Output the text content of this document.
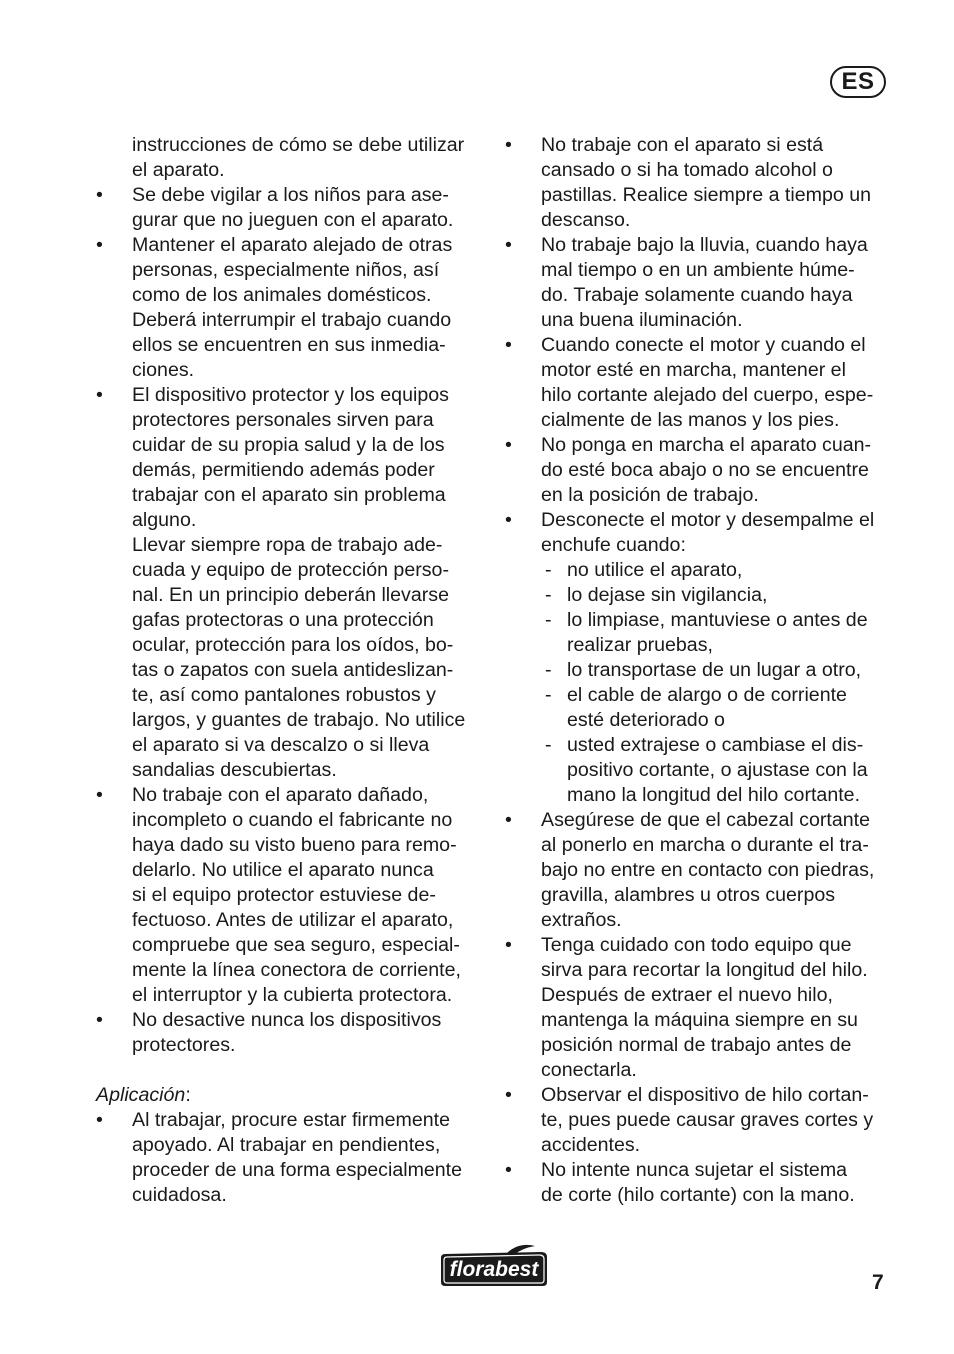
ES
instrucciones de cómo se debe utilizar
el aparato.
•	Se debe vigilar a los niños para ase-
gurar que no jueguen con el aparato.
•	Mantener el aparato alejado de otras
personas, especialmente niños, así
como de los animales domésticos.
Deberá interrumpir el trabajo cuando
ellos se encuentren en sus inmedia-
ciones.
•	El dispositivo protector y los equipos
protectores personales sirven para
cuidar de su propia salud y la de los
demás, permitiendo además poder
trabajar con el aparato sin problema
alguno.
Llevar siempre ropa de trabajo ade-
cuada y equipo de protección perso-
nal. En un principio deberán llevarse
gafas protectoras o una protección
ocular, protección para los oídos, bo-
tas o zapatos con suela antideslizan-
te, así como pantalones robustos y
largos, y guantes de trabajo. No utilice
el aparato si va descalzo o si lleva
sandalias descubiertas.
•	No trabaje con el aparato dañado,
incompleto o cuando el fabricante no
haya dado su visto bueno para remo-
delarlo. No utilice el aparato nunca
si el equipo protector estuviese de-
fectuoso. Antes de utilizar el aparato,
compruebe que sea seguro, especial-
mente la línea conectora de corriente,
el interruptor y la cubierta protectora.
•	No desactive nunca los dispositivos
protectores.
Aplicación:
•	Al trabajar, procure estar firmemente
apoyado. Al trabajar en pendientes,
proceder de una forma especialmente
cuidadosa.
•	No trabaje con el aparato si está
cansado o si ha tomado alcohol o
pastillas. Realice siempre a tiempo un
descanso.
•	No trabaje bajo la lluvia, cuando haya
mal tiempo o en un ambiente húme-
do. Trabaje solamente cuando haya
una buena iluminación.
•	Cuando conecte el motor y cuando el
motor esté en marcha, mantener el
hilo cortante alejado del cuerpo, espe-
cialmente de las manos y los pies.
•	No ponga en marcha el aparato cuan-
do esté boca abajo o no se encuentre
en la posición de trabajo.
•	Desconecte el motor y desempalme el
enchufe cuando:
- no utilice el aparato,
- lo dejase sin vigilancia,
- lo limpiase, mantuviese o antes de
realizar pruebas,
- lo transportase de un lugar a otro,
- el cable de alargo o de corriente
esté deteriorado o
- usted extrajese o cambiase el dis-
positivo cortante, o ajustase con la
mano la longitud del hilo cortante.
•	Asegúrese de que el cabezal cortante
al ponerlo en marcha o durante el tra-
bajo no entre en contacto con piedras,
gravilla, alambres u otros cuerpos
extraños.
•	Tenga cuidado con todo equipo que
sirva para recortar la longitud del hilo.
Después de extraer el nuevo hilo,
mantenga la máquina siempre en su
posición normal de trabajo antes de
conectarla.
•	Observar el dispositivo de hilo cortan-
te, pues puede causar graves cortes y
accidentes.
•	No intente nunca sujetar el sistema
de corte (hilo cortante) con la mano.
florabest
7
